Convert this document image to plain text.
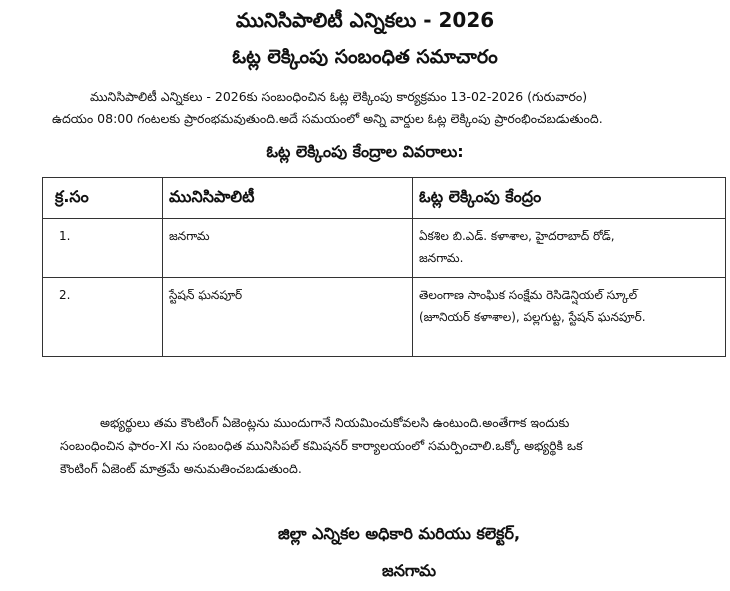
మునిసిపాలిటీ ఎన్నికలు - 2026
ఓట్ల లెక్కింపు సంబంధిత సమాచారం
మునిసిపాలిటీ ఎన్నికలు - 2026కు సంబంధించిన ఓట్ల లెక్కింపు కార్యక్రమం 13-02-2026 (గురువారం)
ఉదయం 08:00 గంటలకు ప్రారంభమవుతుంది.అదే సమయంలో అన్ని వార్డుల ఓట్ల లెక్కింపు ప్రారంభించబడుతుంది.
ఓట్ల లెక్కింపు కేంద్రాల వివరాలు:
క్ర.సం	మునిసిపాలిటీ	ఓట్ల లెక్కింపు కేంద్రం
1.	జనగామ	ఏకశిల బి.ఎడ్. కళాశాల, హైదరాబాద్ రోడ్,
జనగామ.

2.	స్టేషన్ ఘనపూర్	తెలంగాణ సాంఘిక సంక్షేమ రెసిడెన్షియల్ స్కూల్
(జూనియర్ కళాశాల), పల్లగుట్ట, స్టేషన్ ఘనపూర్.
అభ్యర్థులు తమ కౌంటింగ్ ఏజెంట్లను ముందుగానే నియమించుకోవలసి ఉంటుంది.అంతేగాక ఇందుకు
సంబంధించిన ఫారం-XI ను సంబంధిత మునిసిపల్ కమిషనర్ కార్యాలయంలో సమర్పించాలి.ఒక్కో అభ్యర్థికి ఒక
కౌంటింగ్ ఏజెంట్ మాత్రమే అనుమతించబడుతుంది.
జిల్లా ఎన్నికల అధికారి మరియు కలెక్టర్,
జనగామ
